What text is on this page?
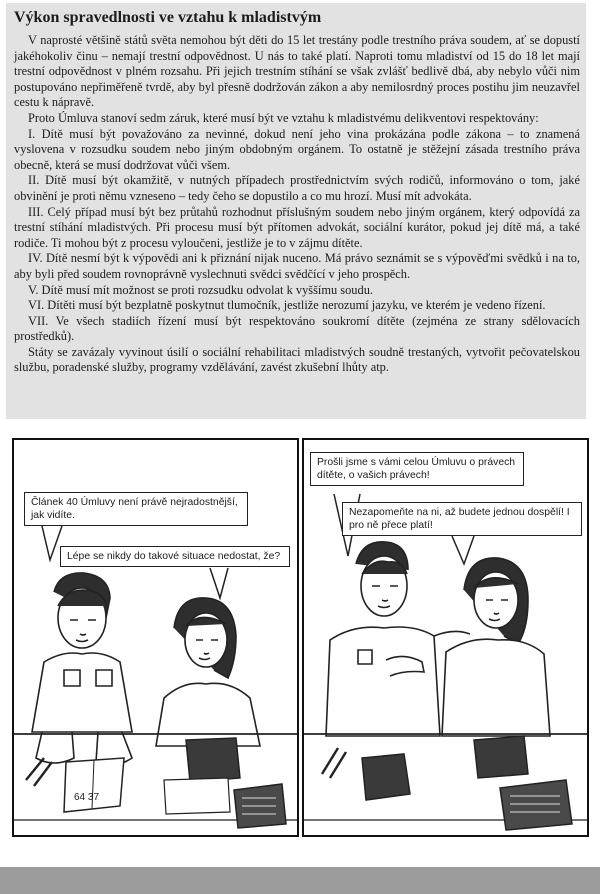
Výkon spravedlnosti ve vztahu k mladistvým

V naprosté většině států světa nemohou být děti do 15 let trestány podle trestního práva soudem, ať se dopustí jakéhokoliv činu – nemají trestní odpovědnost. U nás to také platí. Naproti tomu mladiství od 15 do 18 let mají trestní odpovědnost v plném rozsahu. Při jejich trestním stíhání se však zvlášť bedlivě dbá, aby nebylo vůči nim postupováno nepřiměřeně tvrdě, aby byl přesně dodržován zákon a aby nemilosrdný proces postihu jim neuzavřel cestu k nápravě.

Proto Úmluva stanoví sedm záruk, které musí být ve vztahu k mladistvému delikventovi respektovány:

I. Dítě musí být považováno za nevinné, dokud není jeho vina prokázána podle zákona – to znamená vyslovena v rozsudku soudem nebo jiným obdobným orgánem. To ostatně je stěžejní zásada trestního práva obecně, která se musí dodržovat vůči všem.

II. Dítě musí být okamžitě, v nutných případech prostřednictvím svých rodičů, informováno o tom, jaké obvinění je proti němu vzneseno – tedy čeho se dopustilo a co mu hrozí. Musí mít advokáta.

III. Celý případ musí být bez průtahů rozhodnut příslušným soudem nebo jiným orgánem, který odpovídá za trestní stíhání mladistvých. Při procesu musí být přítomen advokát, sociální kurátor, pokud jej dítě má, a také rodiče. Ti mohou být z procesu vyloučeni, jestliže je to v zájmu dítěte.

IV. Dítě nesmí být k výpovědi ani k přiznání nijak nuceno. Má právo seznámit se s výpověďmi svědků i na to, aby byli před soudem rovnoprávně vyslechnuti svědci svědčící v jeho prospěch.

V. Dítě musí mít možnost se proti rozsudku odvolat k vyššímu soudu.

VI. Dítěti musí být bezplatně poskytnut tlumočník, jestliže nerozumí jazyku, ve kterém je vedeno řízení.

VII. Ve všech stadiích řízení musí být respektováno soukromí dítěte (zejména ze strany sdělovacích prostředků).

Státy se zavázaly vyvinout úsilí o sociální rehabilitaci mladistvých soudně trestaných, vytvořit pečovatelskou službu, poradenské služby, programy vzdělávání, zavést zkušební lhůty atp.

64 37
Článek 40 Úmluvy není právě nejradostnější, jak vidíte.
Lépe se nikdy do takové situace nedostat, že?
Prošli jsme s vámi celou Úmluvu o právech dítěte, o vašich právech!
Nezapomeňte na ni, až budete jednou dospělí! I pro ně přece platí!
